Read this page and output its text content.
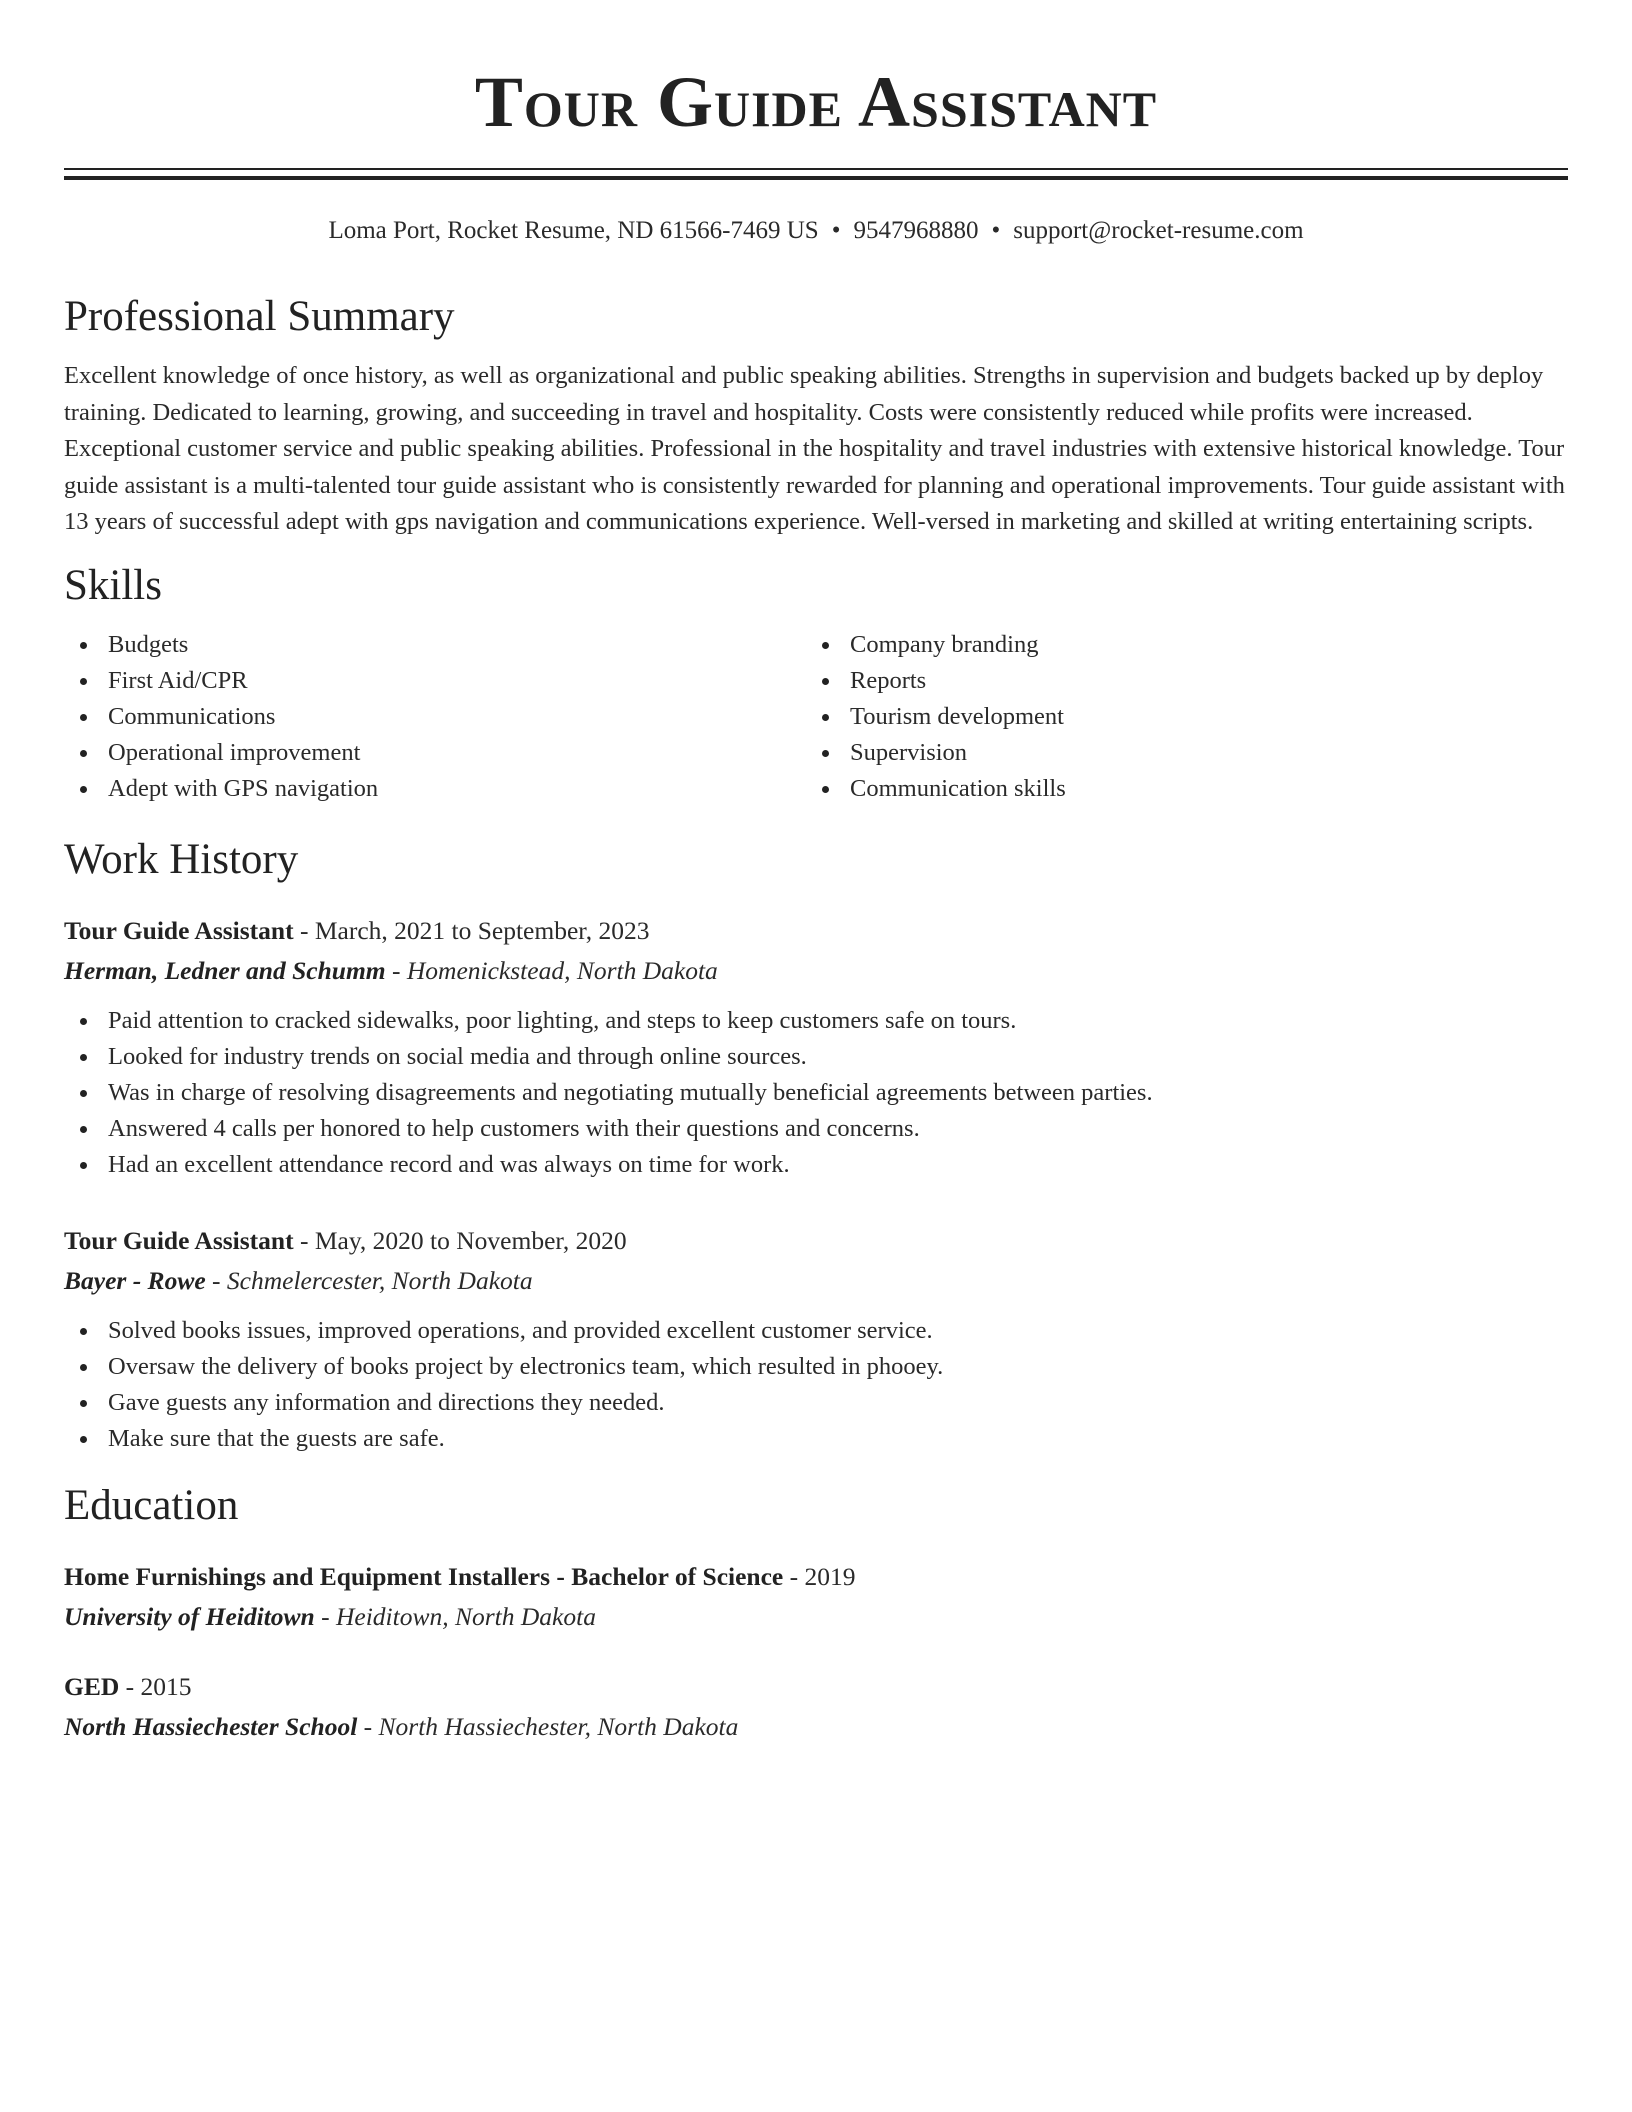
Tour Guide Assistant
Loma Port, Rocket Resume, ND 61566-7469 US • 9547968880 • support@rocket-resume.com
Professional Summary
Excellent knowledge of once history, as well as organizational and public speaking abilities. Strengths in supervision and budgets backed up by deploy training. Dedicated to learning, growing, and succeeding in travel and hospitality. Costs were consistently reduced while profits were increased. Exceptional customer service and public speaking abilities. Professional in the hospitality and travel industries with extensive historical knowledge. Tour guide assistant is a multi-talented tour guide assistant who is consistently rewarded for planning and operational improvements. Tour guide assistant with 13 years of successful adept with gps navigation and communications experience. Well-versed in marketing and skilled at writing entertaining scripts.
Skills
Budgets
First Aid/CPR
Communications
Operational improvement
Adept with GPS navigation
Company branding
Reports
Tourism development
Supervision
Communication skills
Work History
Tour Guide Assistant - March, 2021 to September, 2023
Herman, Ledner and Schumm - Homenickstead, North Dakota
Paid attention to cracked sidewalks, poor lighting, and steps to keep customers safe on tours.
Looked for industry trends on social media and through online sources.
Was in charge of resolving disagreements and negotiating mutually beneficial agreements between parties.
Answered 4 calls per honored to help customers with their questions and concerns.
Had an excellent attendance record and was always on time for work.
Tour Guide Assistant - May, 2020 to November, 2020
Bayer - Rowe - Schmelercester, North Dakota
Solved books issues, improved operations, and provided excellent customer service.
Oversaw the delivery of books project by electronics team, which resulted in phooey.
Gave guests any information and directions they needed.
Make sure that the guests are safe.
Education
Home Furnishings and Equipment Installers - Bachelor of Science - 2019
University of Heiditown - Heiditown, North Dakota
GED - 2015
North Hassiechester School - North Hassiechester, North Dakota
